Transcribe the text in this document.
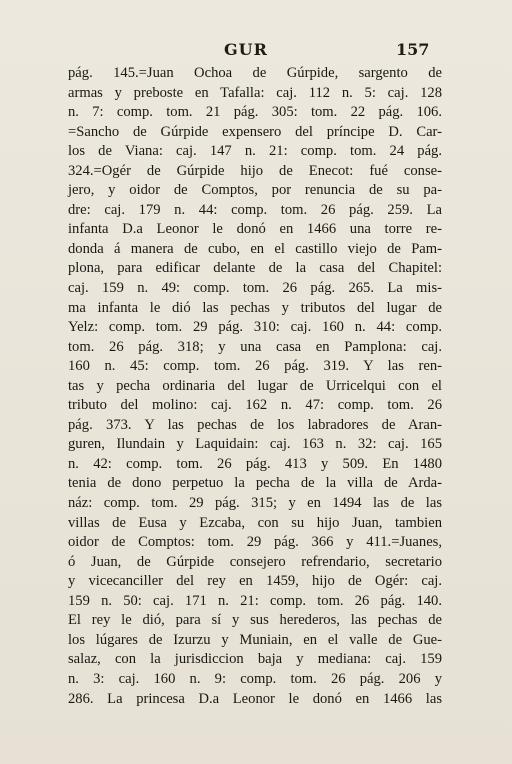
GUR	157
pág. 145.=Juan Ochoa de Gúrpide, sargento de
armas y preboste en Tafalla: caj. 112 n. 5: caj. 128
n. 7: comp. tom. 21 pág. 305: tom. 22 pág. 106.
=Sancho de Gúrpide expensero del príncipe D. Car-
los de Viana: caj. 147 n. 21: comp. tom. 24 pág.
324.=Ogér de Gúrpide hijo de Enecot: fué conse-
jero, y oidor de Comptos, por renuncia de su pa-
dre: caj. 179 n. 44: comp. tom. 26 pág. 259. La
infanta D.a Leonor le donó en 1466 una torre re-
donda á manera de cubo, en el castillo viejo de Pam-
plona, para edificar delante de la casa del Chapitel:
caj. 159 n. 49: comp. tom. 26 pág. 265. La mis-
ma infanta le dió las pechas y tributos del lugar de
Yelz: comp. tom. 29 pág. 310: caj. 160 n. 44: comp.
tom. 26 pág. 318; y una casa en Pamplona: caj.
160 n. 45: comp. tom. 26 pág. 319. Y las ren-
tas y pecha ordinaria del lugar de Urricelqui con el
tributo del molino: caj. 162 n. 47: comp. tom. 26
pág. 373. Y las pechas de los labradores de Aran-
guren, Ilundain y Laquidain: caj. 163 n. 32: caj. 165
n. 42: comp. tom. 26 pág. 413 y 509. En 1480
tenia de dono perpetuo la pecha de la villa de Arda-
náz: comp. tom. 29 pág. 315; y en 1494 las de las
villas de Eusa y Ezcaba, con su hijo Juan, tambien
oidor de Comptos: tom. 29 pág. 366 y 411.=Juanes,
ó Juan, de Gúrpide consejero refrendario, secretario
y vicecanciller del rey en 1459, hijo de Ogér: caj.
159 n. 50: caj. 171 n. 21: comp. tom. 26 pág. 140.
El rey le dió, para sí y sus herederos, las pechas de
los lúgares de Izurzu y Muniain, en el valle de Gue-
salaz, con la jurisdiccion baja y mediana: caj. 159
n. 3: caj. 160 n. 9: comp. tom. 26 pág. 206 y
286. La princesa D.a Leonor le donó en 1466 las
